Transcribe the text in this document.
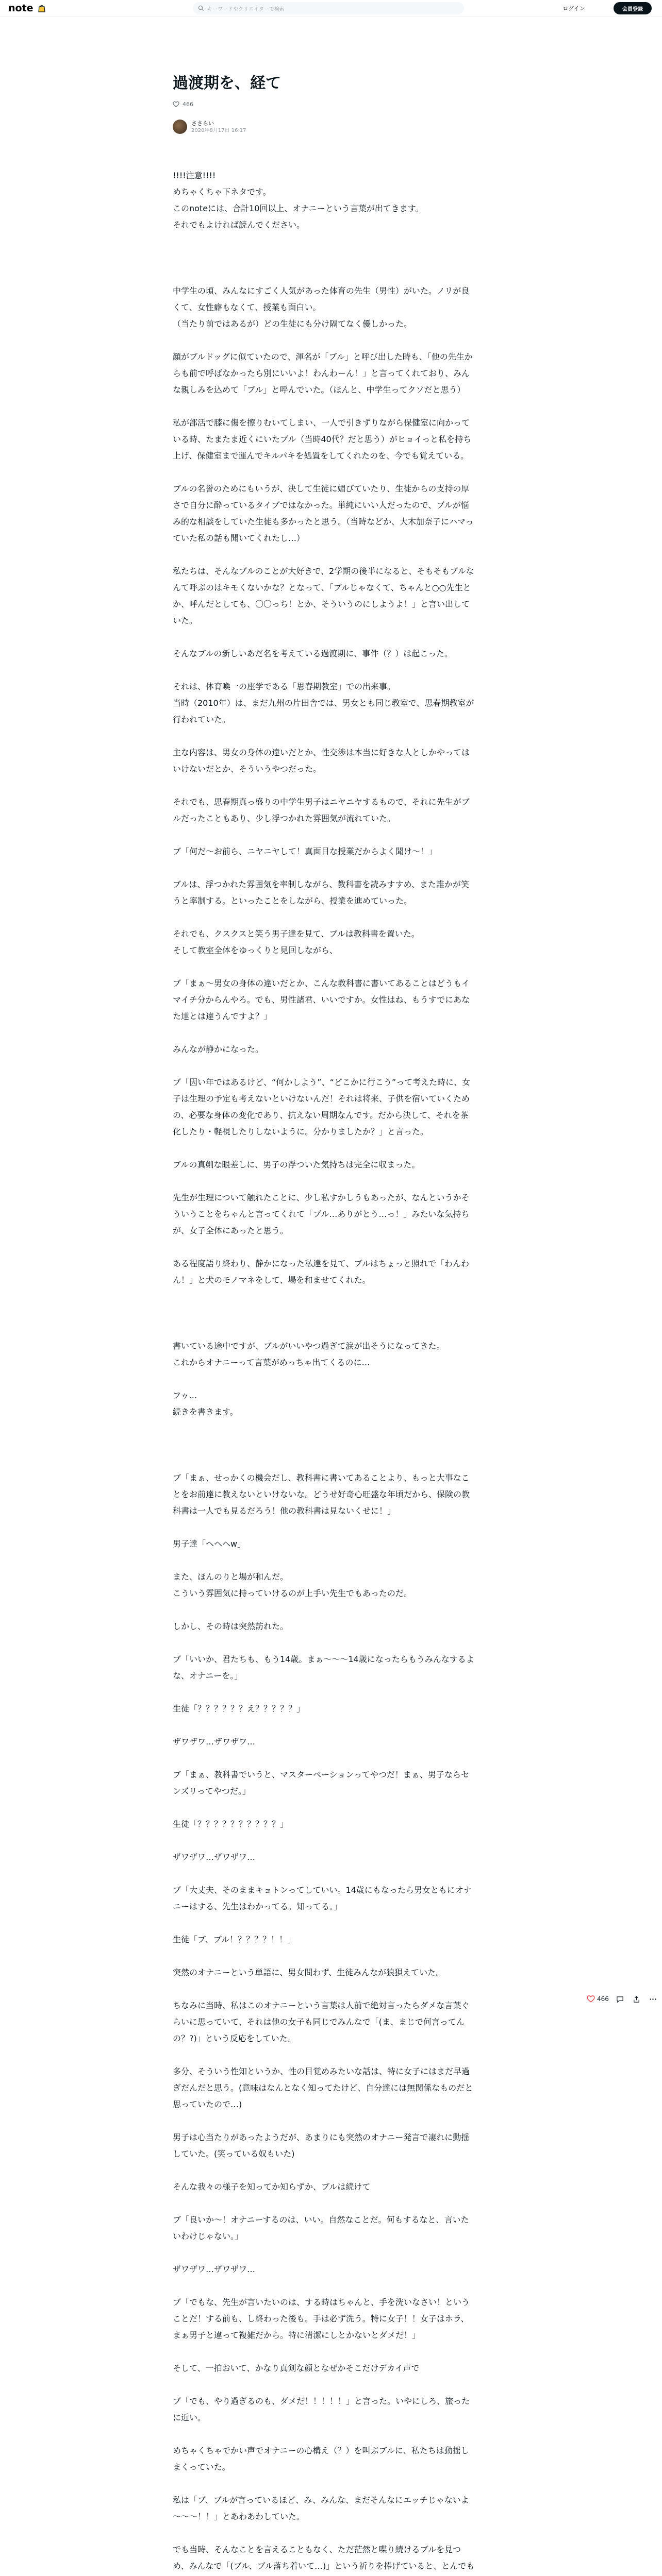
note	キーワードやクリエイターで検索	ログイン	会員登録
過渡期を、経て
466
ささらい
2020年8月17日 16:17

!!!!注意!!!!
めちゃくちゃ下ネタです。
このnoteには、合計10回以上、オナニーという言葉が出てきます。
それでもよければ読んでください。

中学生の頃、みんなにすごく人気があった体育の先生（男性）がいた。ノリが良くて、女性癖もなくて、授業も面白い。
（当たり前ではあるが）どの生徒にも分け隔てなく優しかった。

顔がブルドッグに似ていたので、渾名が「ブル」と呼び出した時も、「他の先生からも前で呼ばなかったら別にいいよ！わんわーん！」と言ってくれており、みんな親しみを込めて「ブル」と呼んでいた。（ほんと、中学生ってクソだと思う）

私が部活で膝に傷を擦りむいてしまい、一人で引きずりながら保健室に向かっている時、たまたま近くにいたブル（当時40代？だと思う）がヒョイっと私を持ち上げ、保健室まで運んでキルパキを処置をしてくれたのを、今でも覚えている。

ブルの名誉のためにもいうが、決して生徒に媚びていたり、生徒からの支持の厚さで自分に酔っているタイプではなかった。単純にいい人だったので、ブルが悩み的な相談をしていた生徒も多かったと思う。（当時などか、大木加奈子にハマっていた私の話も聞いてくれたし…）

私たちは、そんなブルのことが大好きで、2学期の後半になると、そもそもブルなんて呼ぶのはキモくないかな？となって、「ブルじゃなくて、ちゃんと○○先生とか、呼んだとしても、〇〇っち！とか、そういうのにしようよ！」と言い出していた。

そんなブルの新しいあだ名を考えている過渡期に、事件（？）は起こった。

それは、体育喚一の座学である「思春期教室」での出来事。
当時（2010年）は、まだ九州の片田舎では、男女とも同じ教室で、思春期教室が行われていた。

主な内容は、男女の身体の違いだとか、性交渉は本当に好きな人としかやってはいけないだとか、そういうやつだった。

それでも、思春期真っ盛りの中学生男子はニヤニヤするもので、それに先生がブルだったこともあり、少し浮つかれた雰囲気が流れていた。

ブ「何だ～お前ら、ニヤニヤして！真面目な授業だからよく聞け～！」

ブルは、浮つかれた雰囲気を率制しながら、教科書を読みすすめ、また誰かが笑うと率制する。といったことをしながら、授業を進めていった。

それでも、クスクスと笑う男子達を見て、ブルは教科書を置いた。
そして教室全体をゆっくりと見回しながら、

ブ「まぁ～男女の身体の違いだとか、こんな教科書に書いてあることはどうもイマイチ分からんやろ。でも、男性諸君、いいですか。女性はね、もうすでにあなた達とは違うんですよ？」

みんなが静かになった。

ブ「因い年ではあるけど、“何かしよう”、“どこかに行こう”って考えた時に、女子は生理の予定も考えないといけないんだ！それは将来、子供を宿いていくための、必要な身体の変化であり、抗えない周期なんです。だから決して、それを茶化したり・軽視したりしないように。分かりましたか？」と言った。

ブルの真剣な眼差しに、男子の浮ついた気持ちは完全に収まった。

先生が生理について触れたことに、少し私すかしうもあったが、なんというかそういうことをちゃんと言ってくれて「ブル…ありがとう…っ！」みたいな気持ちが、女子全体にあったと思う。

ある程度語り終わり、静かになった私達を見て、ブルはちょっと照れで「わんわん！」と犬のモノマネをして、場を和ませてくれた。

書いている途中ですが、ブルがいいやつ過ぎて涙が出そうになってきた。
これからオナニーって言葉がめっちゃ出てくるのに…

フゥ…
続きを書きます。

ブ「まぁ、せっかくの機会だし、教科書に書いてあることより、もっと大事なことをお前達に教えないといけないな。どうせ好奇心旺盛な年頃だから、保険の教科書は一人でも見るだろう！他の教科書は見ないくせに！」

男子達「ヘヘヘw」

また、ほんのりと場が和んだ。
こういう雰囲気に持っていけるのが上手い先生でもあったのだ。

しかし、その時は突然訪れた。

ブ「いいか、君たちも、もう14歳。まぁ～～～14歳になったらもうみんなするよな、オナニーを。」

生徒「？？？？？？え？？？？？」

ザワザワ…ザワザワ…

ブ「まぁ、教科書でいうと、マスターベーションってやつだ！まぁ、男子ならセンズリってやつだ。」

生徒「？？？？？？？？？？」

ザワザワ…ザワザワ…

ブ「大丈夫、そのままキョトンってしていい。14歳にもなったら男女ともにオナニーはする、先生はわかってる。知ってる。」

生徒「ブ、ブル！？？？？！！」

突然のオナニーという単語に、男女問わず、生徒みんなが狼狽えていた。

ちなみに当時、私はこのオナニーという言葉は人前で絶対言ったらダメな言葉ぐらいに思っていて、それは他の女子も同じでみんなで「(ま、まじで何言ってんの？?)」という反応をしていた。

多分、そういう性知というか、性の目覚めみたいな話は、特に女子にはまだ早過ぎだんだと思う。(意味はなんとなく知ってたけど、自分達には無関係なものだと思っていたので…)

男子は心当たりがあったようだが、あまりにも突然のオナニー発言で凄れに動揺していた。(笑っている奴もいた)

そんな我々の様子を知ってか知らずか、ブルは続けて

ブ「良いか～！オナニーするのは、いい。自然なことだ。何もするなと、言いたいわけじゃない。」

ザワザワ…ザワザワ…

ブ「でもな、先生が言いたいのは、する時はちゃんと、手を洗いなさい！ということだ！する前も、し終わった後も。手は必ず洗う。特に女子！！女子はホラ、まぁ男子と違って複雑だから。特に清潔にしとかないとダメだ！」

そして、一拍おいて、かなり真剣な顔となぜかそこだけデカイ声で

ブ「でも、やり過ぎるのも、ダメだ！！！！！」と言った。いやにしろ、旅ったに近い。

めちゃくちゃでかい声でオナニーの心構え（？）を叫ぶブルに、私たちは動揺しまくっていた。

私は「ブ、ブルが言っているほど、み、みんな、まだそんなにエッチじゃないよ～～～！！」とあわあわしていた。

でも当時、そんなことを言えることもなく、ただ茫然と喋り続けるブルを見つめ、みんなで「(ブル、ブル落ち着いて…)」という祈りを捧げていると、とんでも

466
